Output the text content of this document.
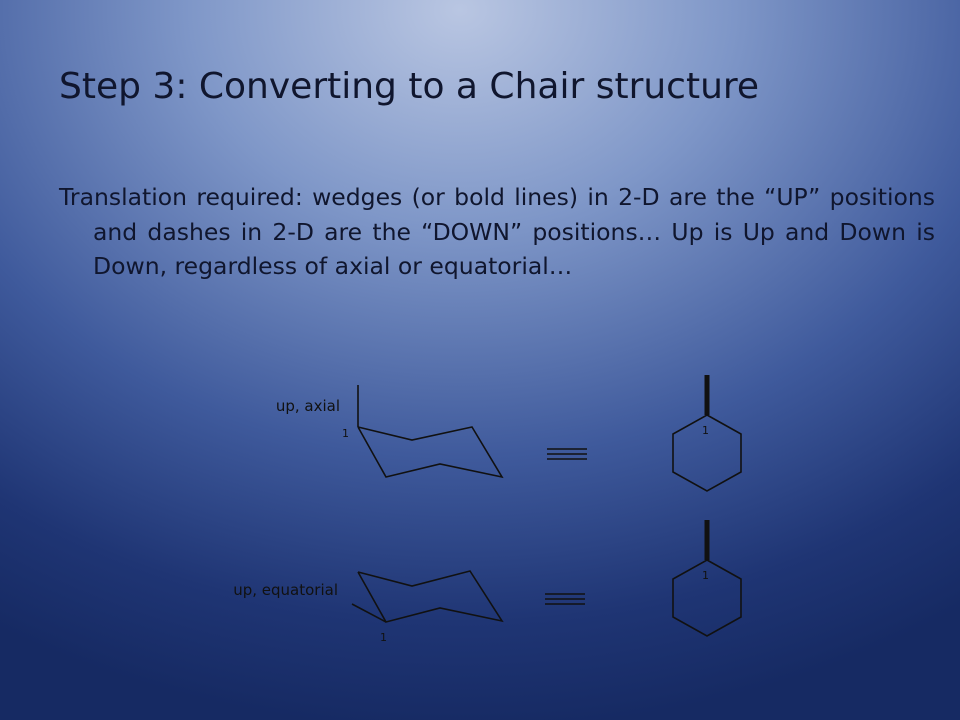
Step 3: Converting to a Chair structure
Translation required: wedges (or bold lines) in 2-D are the “UP” positions and dashes in 2-D are the “DOWN” positions… Up is Up and Down is Down, regardless of axial or equatorial…
up, axial
1	1
up, equatorial
1
1
